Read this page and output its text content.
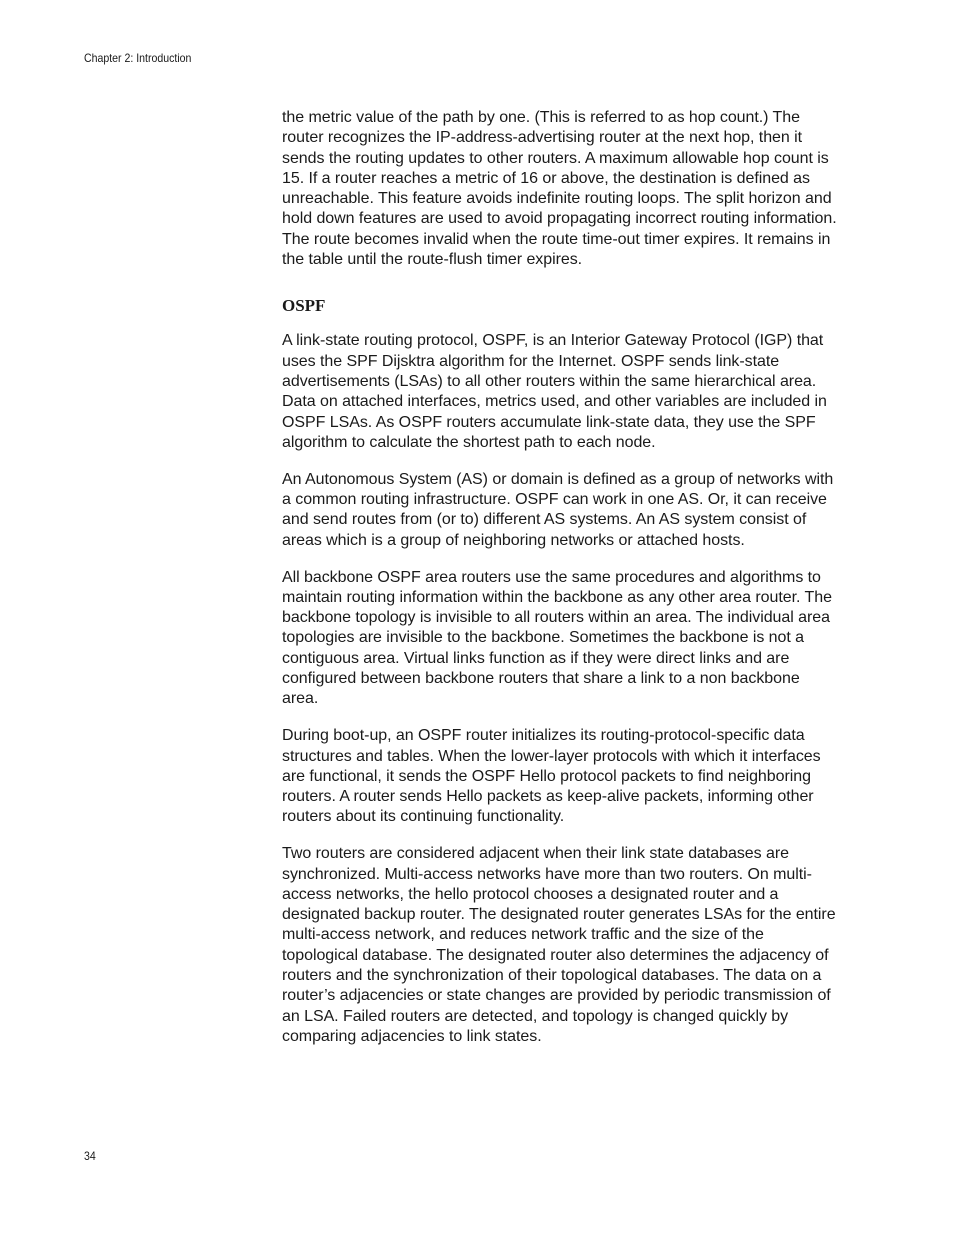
Chapter 2: Introduction

the metric value of the path by one. (This is referred to as hop count.) The router recognizes the IP-address-advertising router at the next hop, then it sends the routing updates to other routers. A maximum allowable hop count is 15. If a router reaches a metric of 16 or above, the destination is defined as unreachable. This feature avoids indefinite routing loops. The split horizon and hold down features are used to avoid propagating incorrect routing information. The route becomes invalid when the route time-out timer expires. It remains in the table until the route-flush timer expires.

OSPF

A link-state routing protocol, OSPF, is an Interior Gateway Protocol (IGP) that uses the SPF Dijsktra algorithm for the Internet. OSPF sends link-state advertisements (LSAs) to all other routers within the same hierarchical area. Data on attached interfaces, metrics used, and other variables are included in OSPF LSAs. As OSPF routers accumulate link-state data, they use the SPF algorithm to calculate the shortest path to each node.

An Autonomous System (AS) or domain is defined as a group of networks with a common routing infrastructure. OSPF can work in one AS. Or, it can receive and send routes from (or to) different AS systems. An AS system consist of areas which is a group of neighboring networks or attached hosts.

All backbone OSPF area routers use the same procedures and algorithms to maintain routing information within the backbone as any other area router. The backbone topology is invisible to all routers within an area. The individual area topologies are invisible to the backbone. Sometimes the backbone is not a contiguous area. Virtual links function as if they were direct links and are configured between backbone routers that share a link to a non backbone area.

During boot-up, an OSPF router initializes its routing-protocol-specific data structures and tables. When the lower-layer protocols with which it interfaces are functional, it sends the OSPF Hello protocol packets to find neighboring routers. A router sends Hello packets as keep-alive packets, informing other routers about its continuing functionality.

Two routers are considered adjacent when their link state databases are synchronized. Multi-access networks have more than two routers. On multi-access networks, the hello protocol chooses a designated router and a designated backup router. The designated router generates LSAs for the entire multi-access network, and reduces network traffic and the size of the topological database. The designated router also determines the adjacency of routers and the synchronization of their topological databases. The data on a router’s adjacencies or state changes are provided by periodic transmission of an LSA. Failed routers are detected, and topology is changed quickly by comparing adjacencies to link states.

34
